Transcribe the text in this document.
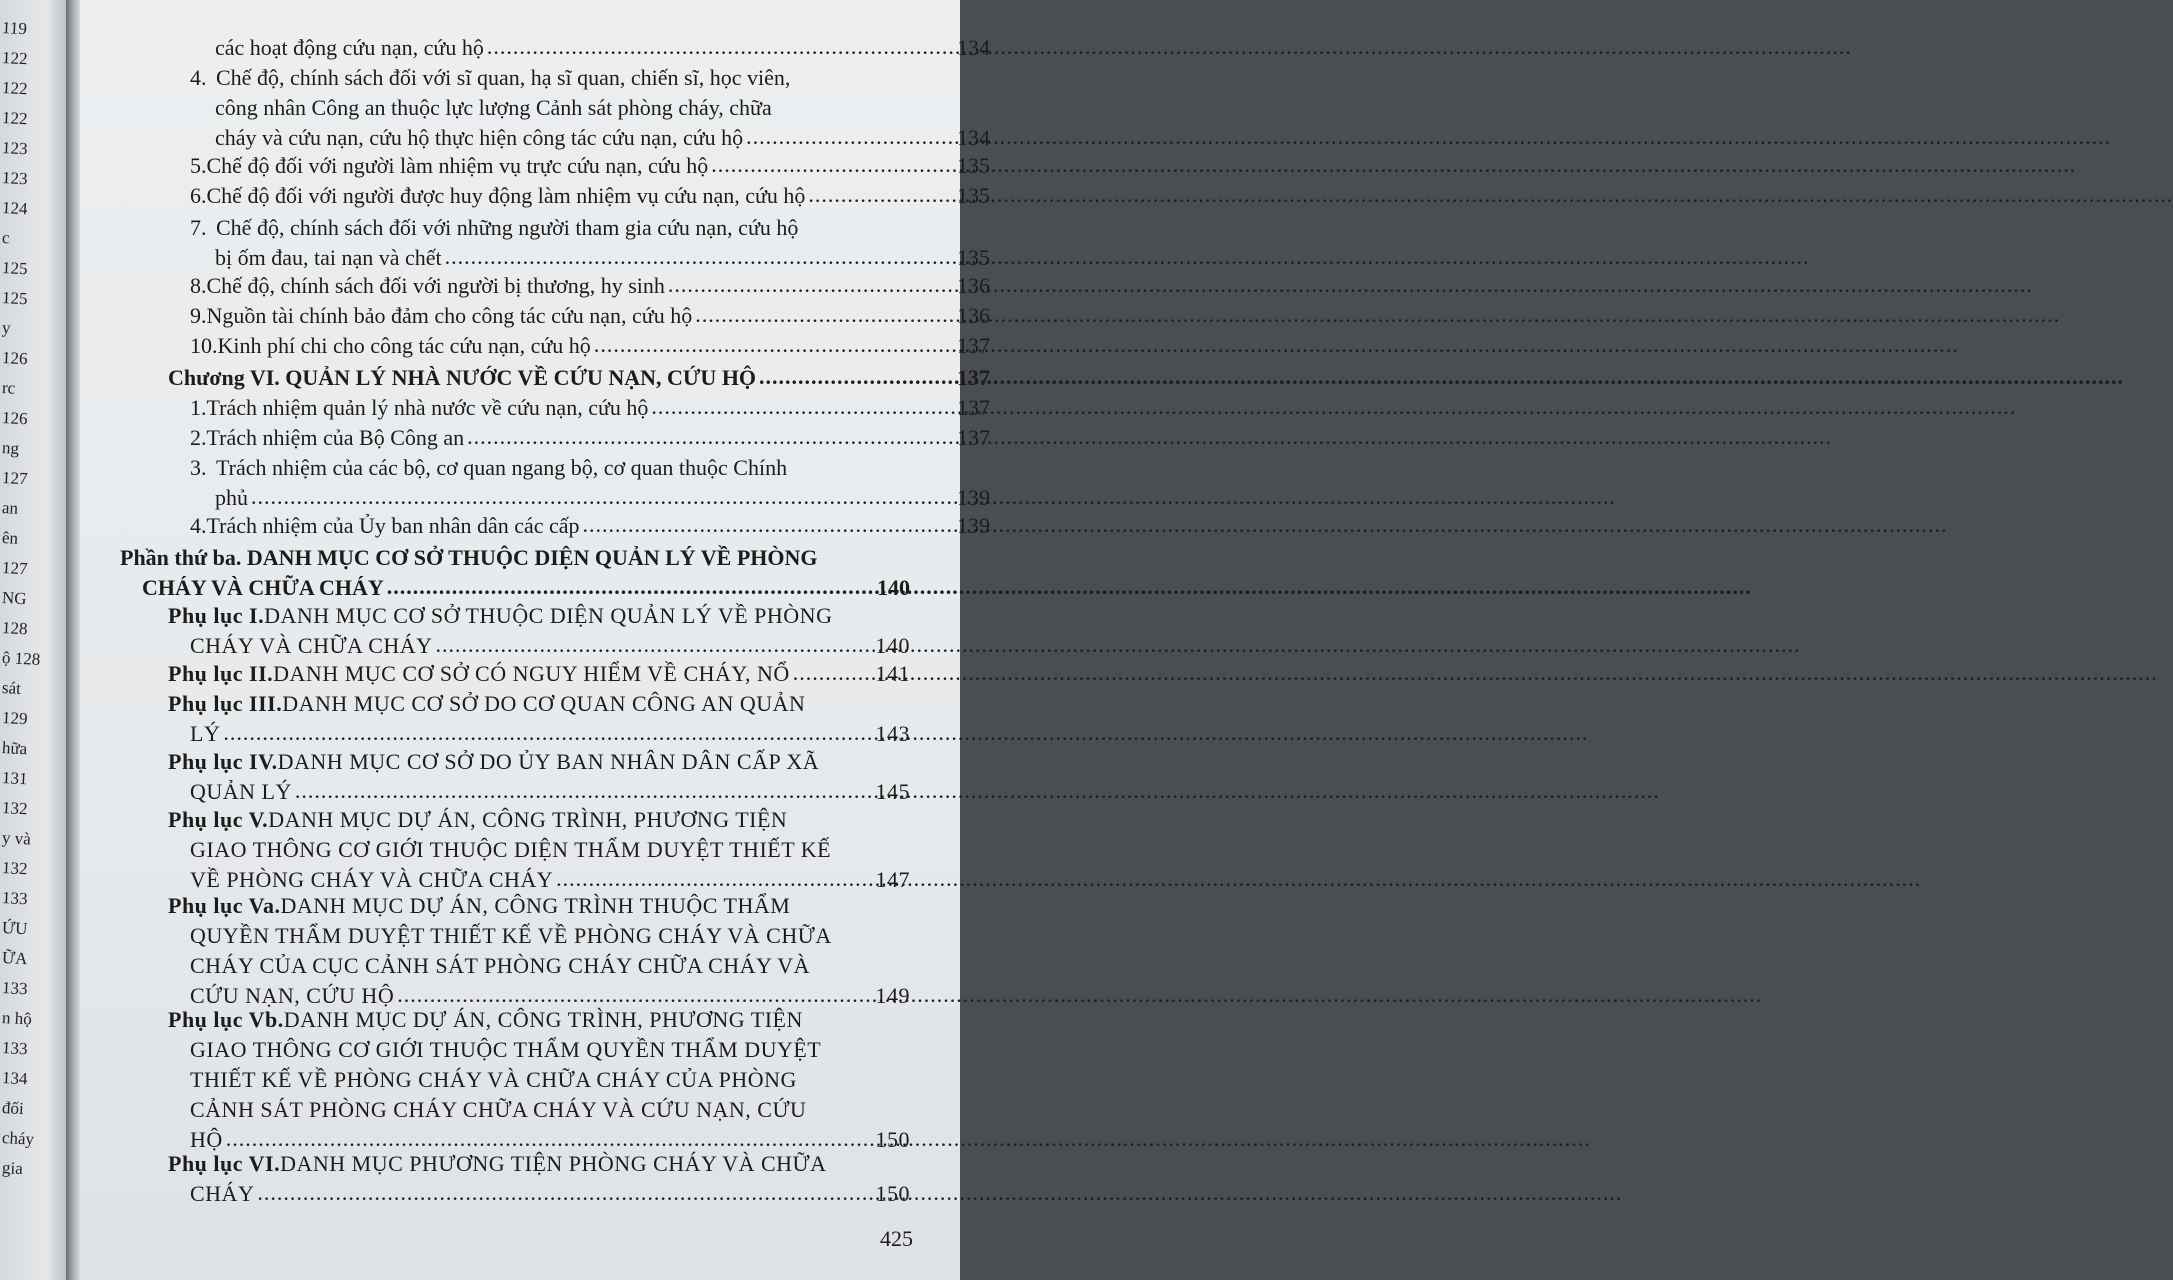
119
122
122
122
123
123
124
c
125
125
y
126
rc
126
ng
127
an
ên
127
NG
128
ộ 128
sát
129
hữa
131
132
y và
132
133
ỨU
ỮA
133
n hộ
133
134
đối
cháy
gia
các hoạt động cứu nạn, cứu hộ .....	134
4. Chế độ, chính sách đối với sĩ quan, hạ sĩ quan, chiến sĩ, học viên,
công nhân Công an thuộc lực lượng Cảnh sát phòng cháy, chữa
cháy và cứu nạn, cứu hộ thực hiện công tác cứu nạn, cứu hộ .....	134
5. Chế độ đối với người làm nhiệm vụ trực cứu nạn, cứu hộ .....	135
6. Chế độ đối với người được huy động làm nhiệm vụ cứu nạn, cứu hộ .....	135
7. Chế độ, chính sách đối với những người tham gia cứu nạn, cứu hộ
bị ốm đau, tai nạn và chết .....	135
8. Chế độ, chính sách đối với người bị thương, hy sinh .....	136
9. Nguồn tài chính bảo đảm cho công tác cứu nạn, cứu hộ .....	136
10. Kinh phí chi cho công tác cứu nạn, cứu hộ .....	137
Chương VI. QUẢN LÝ NHÀ NƯỚC VỀ CỨU NẠN, CỨU HỘ .....	137
1. Trách nhiệm quản lý nhà nước về cứu nạn, cứu hộ .....	137
2. Trách nhiệm của Bộ Công an .....	137
3. Trách nhiệm của các bộ, cơ quan ngang bộ, cơ quan thuộc Chính
phủ .....	139
4. Trách nhiệm của Ủy ban nhân dân các cấp .....	139
Phần thứ ba. DANH MỤC CƠ SỞ THUỘC DIỆN QUẢN LÝ VỀ PHÒNG
CHÁY VÀ CHỮA CHÁY .....	140
Phụ lục I. DANH MỤC CƠ SỞ THUỘC DIỆN QUẢN LÝ VỀ PHÒNG
CHÁY VÀ CHỮA CHÁY .....	140
Phụ lục II. DANH MỤC CƠ SỞ CÓ NGUY HIỂM VỀ CHÁY, NỔ .....	141
Phụ lục III. DANH MỤC CƠ SỞ DO CƠ QUAN CÔNG AN QUẢN
LÝ .....	143
Phụ lục IV. DANH MỤC CƠ SỞ DO ỦY BAN NHÂN DÂN CẤP XÃ
QUẢN LÝ .....	145
Phụ lục V. DANH MỤC DỰ ÁN, CÔNG TRÌNH, PHƯƠNG TIỆN
GIAO THÔNG CƠ GIỚI THUỘC DIỆN THẨM DUYỆT THIẾT KẾ
VỀ PHÒNG CHÁY VÀ CHỮA CHÁY .....	147
Phụ lục Va. DANH MỤC DỰ ÁN, CÔNG TRÌNH THUỘC THẨM
QUYỀN THẨM DUYỆT THIẾT KẾ VỀ PHÒNG CHÁY VÀ CHỮA
CHÁY CỦA CỤC CẢNH SÁT PHÒNG CHÁY CHỮA CHÁY VÀ
CỨU NẠN, CỨU HỘ .....	149
Phụ lục Vb. DANH MỤC DỰ ÁN, CÔNG TRÌNH, PHƯƠNG TIỆN
GIAO THÔNG CƠ GIỚI THUỘC THẨM QUYỀN THẨM DUYỆT
THIẾT KẾ VỀ PHÒNG CHÁY VÀ CHỮA CHÁY CỦA PHÒNG
CẢNH SÁT PHÒNG CHÁY CHỮA CHÁY VÀ CỨU NẠN, CỨU
HỘ .....	150
Phụ lục VI. DANH MỤC PHƯƠNG TIỆN PHÒNG CHÁY VÀ CHỮA
CHÁY .....	150
425
